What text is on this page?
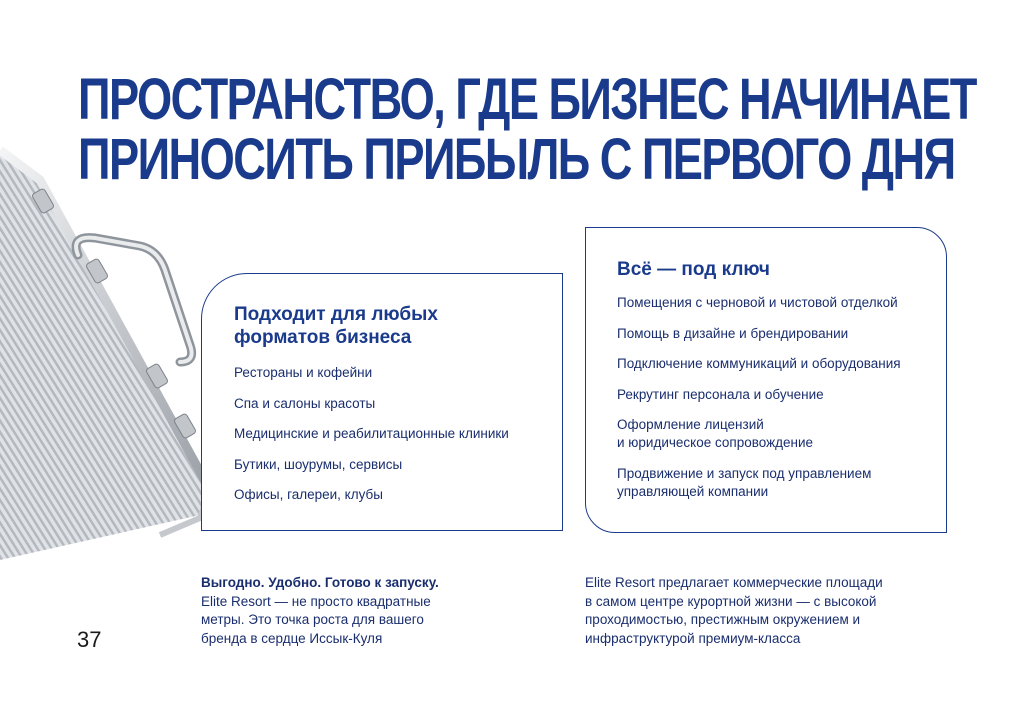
ПРОСТРАНСТВО, ГДЕ БИЗНЕС НАЧИНАЕТ
ПРИНОСИТЬ ПРИБЫЛЬ С ПЕРВОГО ДНЯ
Подходит для любых
форматов бизнеса
Рестораны и кофейни
Спа и салоны красоты
Медицинские и реабилитационные клиники
Бутики, шоурумы, сервисы
Офисы, галереи, клубы
Всё — под ключ
Помещения с черновой и чистовой отделкой
Помощь в дизайне и брендировании
Подключение коммуникаций и оборудования
Рекрутинг персонала и обучение
Оформление лицензий
и юридическое сопровождение
Продвижение и запуск под управлением
управляющей компании
Выгодно. Удобно. Готово к запуску.
Elite Resort — не просто квадратные
метры. Это точка роста для вашего
бренда в сердце Иссык-Куля
Elite Resort предлагает коммерческие площади
в самом центре курортной жизни — с высокой
проходимостью, престижным окружением и
инфраструктурой премиум-класса
37
